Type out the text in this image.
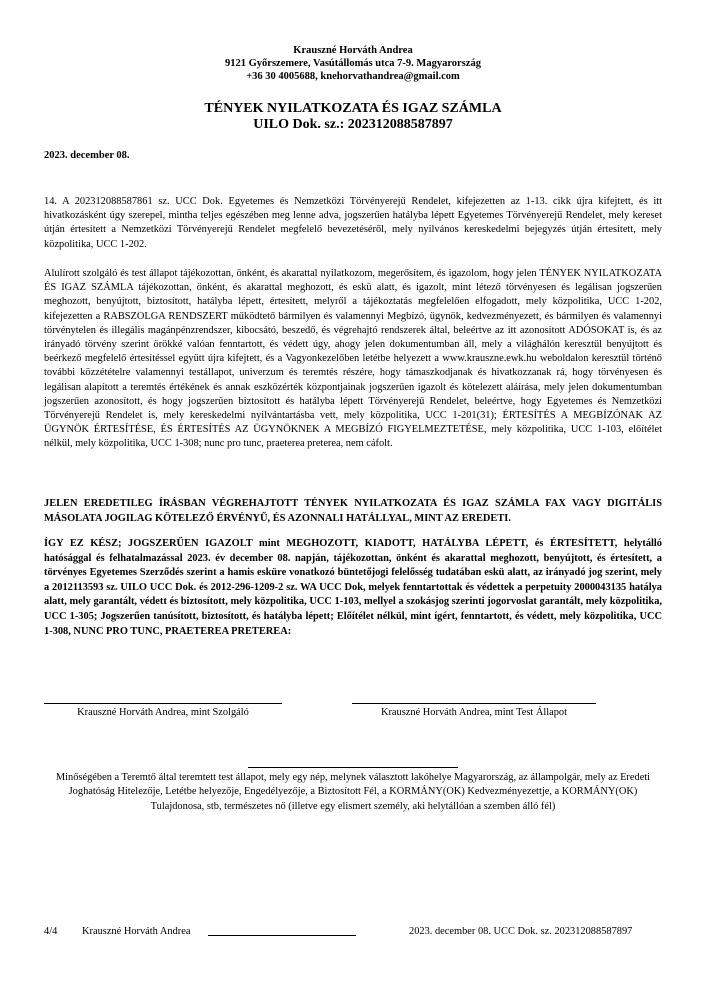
Krauszné Horváth Andrea
9121 Győrszemere, Vasútállomás utca 7-9. Magyarország
+36 30 4005688, knehorvathandrea@gmail.com
TÉNYEK NYILATKOZATA ÉS IGAZ SZÁMLA
UILO Dok. sz.: 202312088587897
2023. december 08.

14. A 202312088587861 sz. UCC Dok. Egyetemes és Nemzetközi Törvényerejű Rendelet, kifejezetten az 1-13. cikk újra kifejtett, és itt hivatkozásként úgy szerepel, mintha teljes egészében meg lenne adva, jogszerűen hatályba lépett Egyetemes Törvényerejű Rendelet, mely kereset útján értesített a Nemzetközi Törvényerejű Rendelet megfelelő bevezetéséről, mely nyilvános kereskedelmi bejegyzés útján értesített, mely közpolitika, UCC 1-202.

Alulírott szolgáló és test állapot tájékozottan, önként, és akarattal nyilatkozom, megerősítem, és igazolom, hogy jelen TÉNYEK NYILATKOZATA ÉS IGAZ SZÁMLA tájékozottan, önként, és akarattal meghozott, és eskü alatt, és igazolt, mint létező törvényesen és legálisan jogszerűen meghozott, benyújtott, biztosított, hatályba lépett, értesített, melyről a tájékoztatás megfelelően elfogadott, mely közpolitika, UCC 1-202, kifejezetten a RABSZOLGA RENDSZERT működtető bármilyen és valamennyi Megbízó, ügynök, kedvezményezett, és bármilyen és valamennyi törvénytelen és illegális magánpénzrendszer, kibocsátó, beszedő, és végrehajtó rendszerek által, beleértve az itt azonosított ADÓSOKAT is, és az irányadó törvény szerint örökké valóan fenntartott, és védett úgy, ahogy jelen dokumentumban áll, mely a világhálón keresztül benyújtott és beérkező megfelelő értesítéssel együtt újra kifejtett, és a Vagyonkezelőben letétbe helyezett a www.krauszne.ewk.hu weboldalon keresztül történő további közzétételre valamennyi testállapot, univerzum és teremtés részére, hogy támaszkodjanak és hivatkozzanak rá, hogy törvényesen és legálisan alapított a teremtés értékének és annak eszközérték központjainak jogszerűen igazolt és kötelezett aláírása, mely jelen dokumentumban jogszerűen azonosított, és hogy jogszerűen biztosított és hatályba lépett Törvényerejű Rendelet, beleértve, hogy Egyetemes és Nemzetközi Törvényerejű Rendelet is, mely kereskedelmi nyilvántartásba vett, mely közpolitika, UCC 1-201(31); ÉRTESÍTÉS A MEGBÍZÓNAK AZ ÜGYNÖK ÉRTESÍTÉSE, ÉS ÉRTESÍTÉS AZ ÜGYNÖKNEK A MEGBÍZÓ FIGYELMEZTETÉSE, mely közpolitika, UCC 1-103, előítélet nélkül, mely közpolitika, UCC 1-308; nunc pro tunc, praeterea preterea, nem cáfolt.

JELEN EREDETILEG ÍRÁSBAN VÉGREHAJTOTT TÉNYEK NYILATKOZATA ÉS IGAZ SZÁMLA FAX VAGY DIGITÁLIS MÁSOLATA JOGILAG KÖTELEZŐ ÉRVÉNYŰ, ÉS AZONNALI HATÁLLYAL, MINT AZ EREDETI.

ÍGY EZ KÉSZ; JOGSZERŰEN IGAZOLT mint MEGHOZOTT, KIADOTT, HATÁLYBA LÉPETT, és ÉRTESÍTETT, helytálló hatósággal és felhatalmazással 2023. év december 08. napján, tájékozottan, önként és akarattal meghozott, benyújtott, és értesített, a törvényes Egyetemes Szerződés szerint a hamis esküre vonatkozó büntetőjogi felelősség tudatában eskü alatt, az irányadó jog szerint, mely a 2012113593 sz. UILO UCC Dok. és 2012-296-1209-2 sz. WA UCC Dok, melyek fenntartottak és védettek a perpetuity 2000043135 hatálya alatt, mely garantált, védett és biztosított, mely közpolitika, UCC 1-103, mellyel a szokásjog szerinti jogorvoslat garantált, mely közpolitika, UCC 1-305; Jogszerűen tanúsított, biztosított, és hatályba lépett; Előítélet nélkül, mint ígért, fenntartott, és védett, mely közpolitika, UCC 1-308, NUNC PRO TUNC, PRAETEREA PRETEREA:

Krauszné Horváth Andrea, mint Szolgáló	Krauszné Horváth Andrea, mint Test Állapot
Minőségében a Teremtő által teremtett test állapot, mely egy nép, melynek választott lakóhelye Magyarország, az állampolgár, mely az Eredeti Joghatóság Hitelezője, Letétbe helyezője, Engedélyezője, a Biztosított Fél, a KORMÁNY(OK) Kedvezményezettje, a KORMÁNY(OK) Tulajdonosa, stb, természetes nő (illetve egy elismert személy, aki helytállóan a szemben álló fél)
4/4 Krauszné Horváth Andrea	2023. december 08. UCC Dok. sz. 202312088587897
